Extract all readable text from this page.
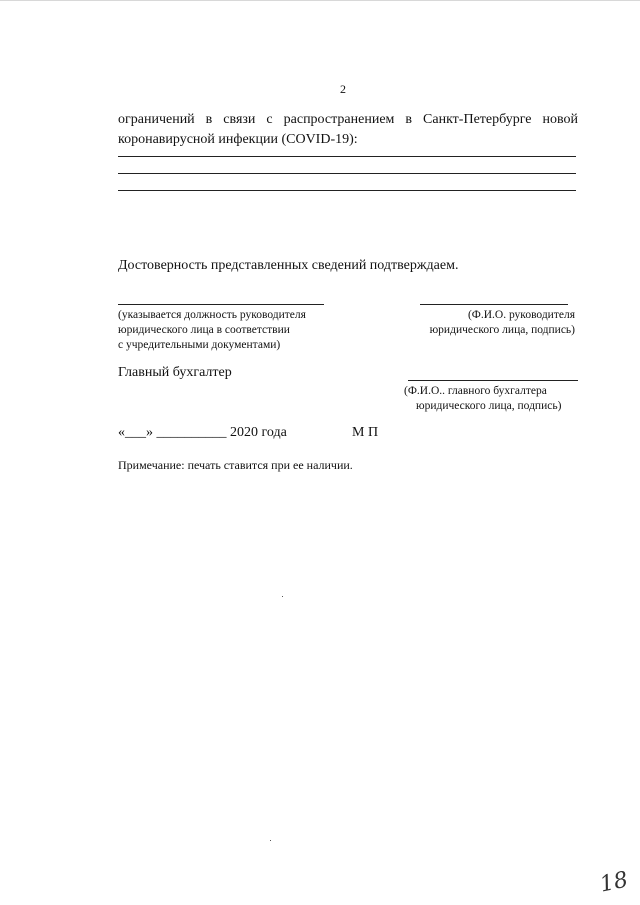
2
ограничений в связи с распространением в Санкт-Петербурге новой коронавирусной инфекции (COVID-19):
Достоверность представленных сведений подтверждаем.
(указывается должность руководителя
юридического лица в соответствии
с учредительными документами)
(Ф.И.О. руководителя
юридического лица, подпись)
Главный бухгалтер
(Ф.И.О.. главного бухгалтера
юридического лица, подпись)
«___» __________ 2020 года	М П
Примечание: печать ставится при ее наличии.
18
